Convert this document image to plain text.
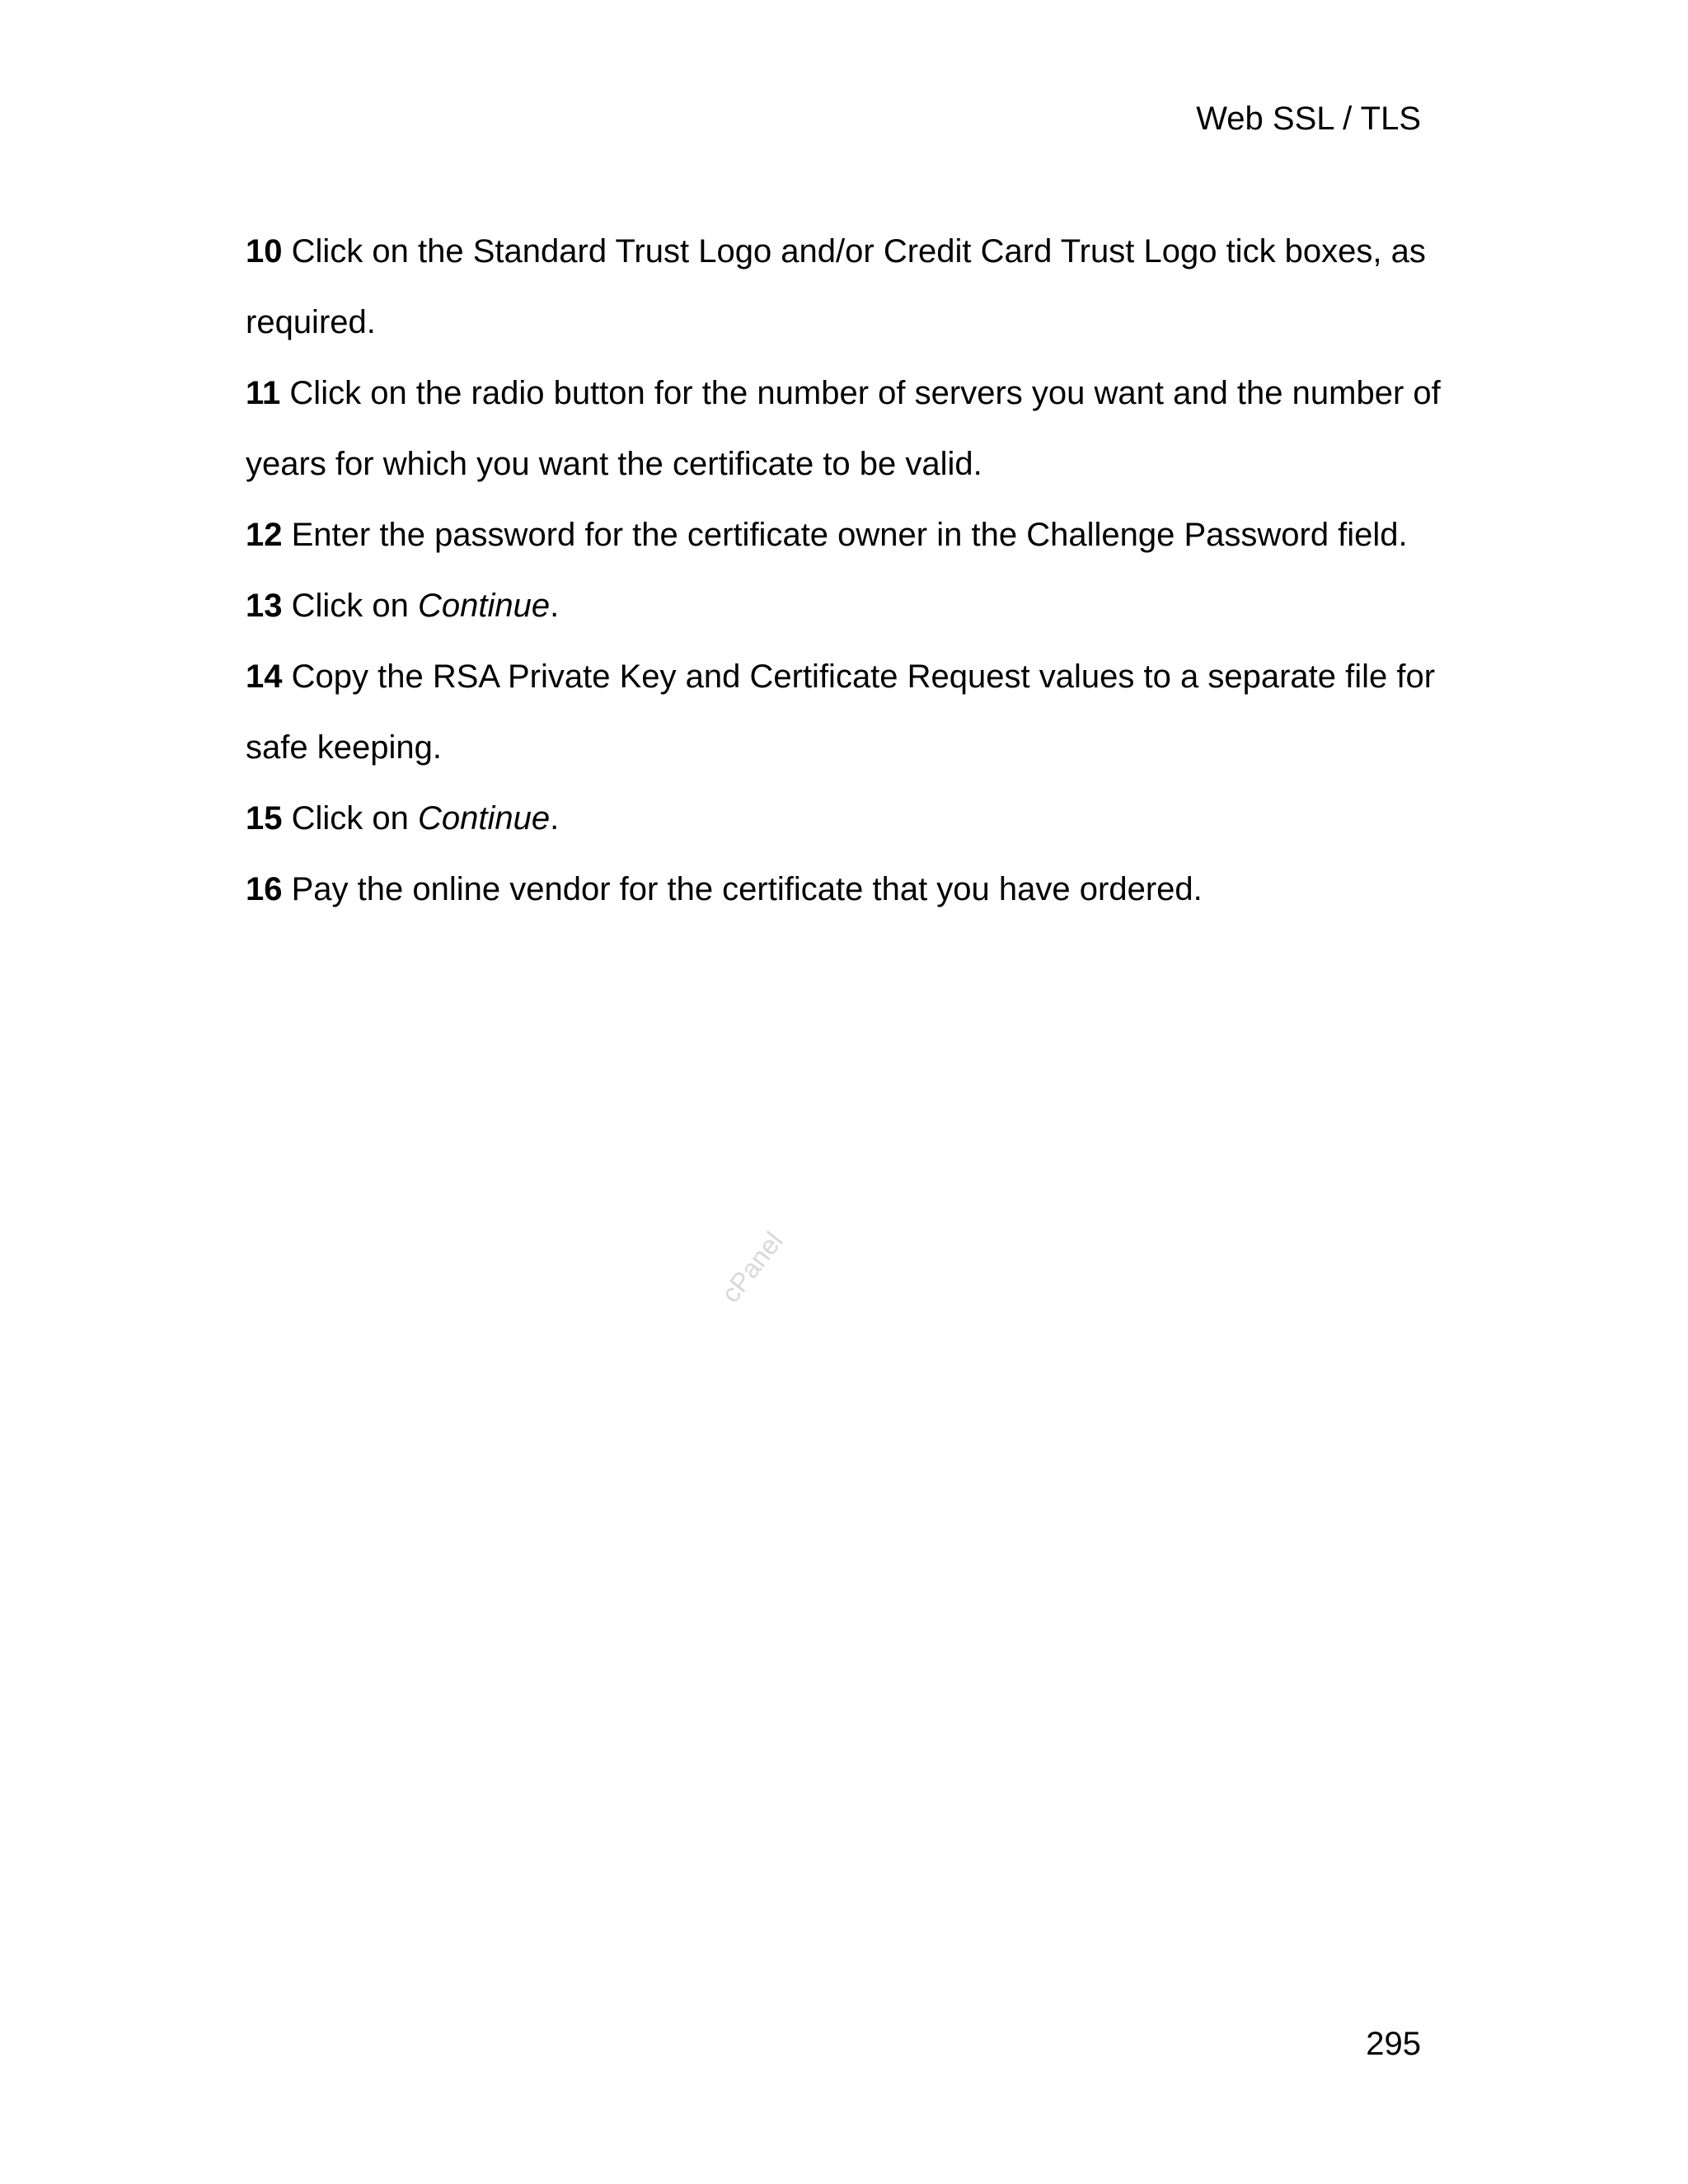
Web SSL / TLS
10 Click on the Standard Trust Logo and/or Credit Card Trust Logo tick boxes, as required.
11 Click on the radio button for the number of servers you want and the number of years for which you want the certificate to be valid.
12 Enter the password for the certificate owner in the Challenge Password field.
13 Click on Continue.
14 Copy the RSA Private Key and Certificate Request values to a separate file for safe keeping.
15 Click on Continue.
16 Pay the online vendor for the certificate that you have ordered.
cPanel
295
